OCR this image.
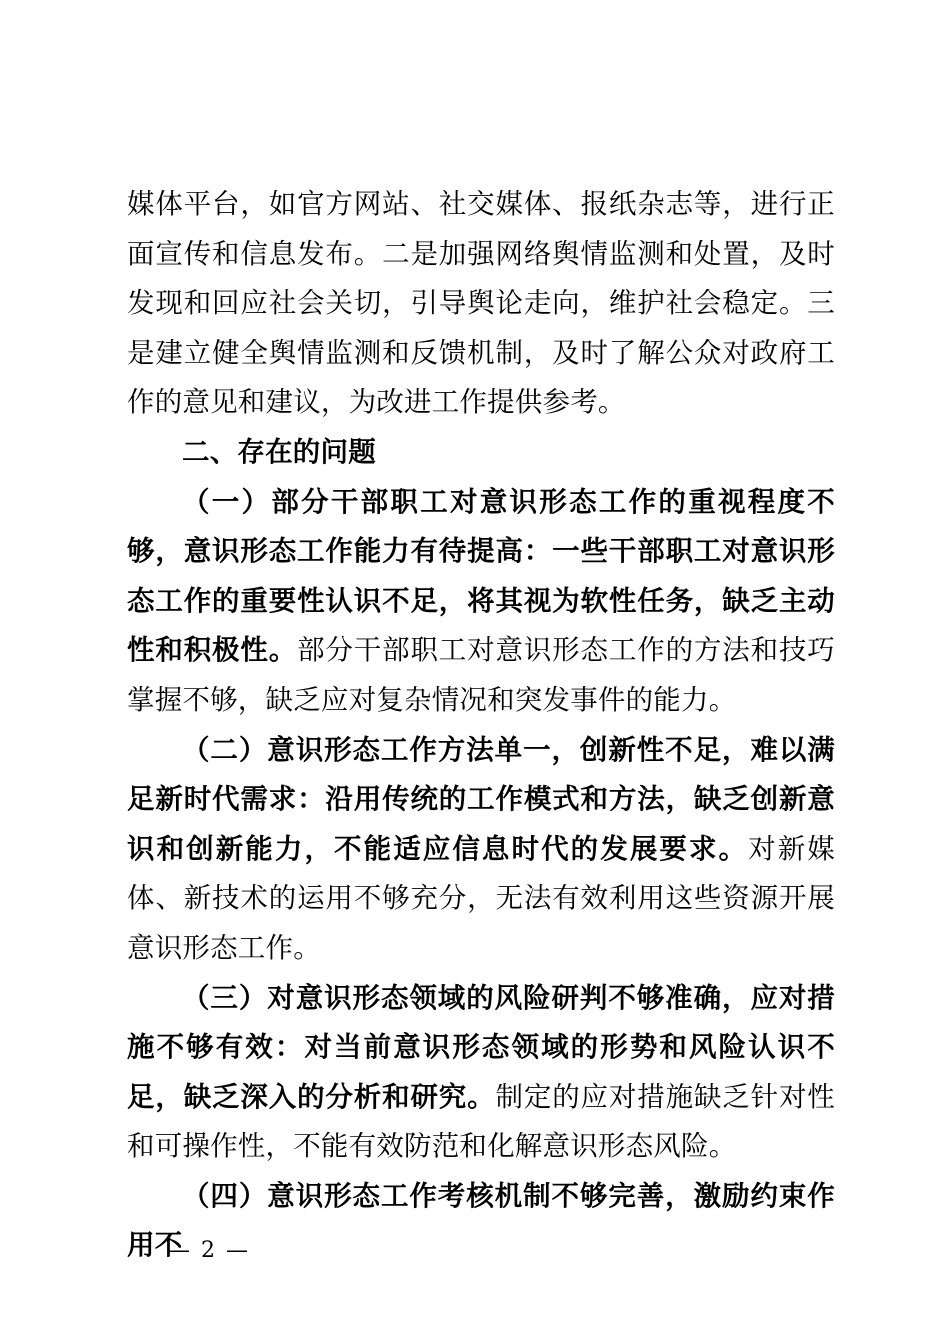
媒体平台，如官方网站、社交媒体、报纸杂志等，进行正面宣传和信息发布。二是加强网络舆情监测和处置，及时发现和回应社会关切，引导舆论走向，维护社会稳定。三是建立健全舆情监测和反馈机制，及时了解公众对政府工作的意见和建议，为改进工作提供参考。

二、存在的问题

（一）部分干部职工对意识形态工作的重视程度不够，意识形态工作能力有待提高：一些干部职工对意识形态工作的重要性认识不足，将其视为软性任务，缺乏主动性和积极性。部分干部职工对意识形态工作的方法和技巧掌握不够，缺乏应对复杂情况和突发事件的能力。

（二）意识形态工作方法单一，创新性不足，难以满足新时代需求：沿用传统的工作模式和方法，缺乏创新意识和创新能力，不能适应信息时代的发展要求。对新媒体、新技术的运用不够充分，无法有效利用这些资源开展意识形态工作。

（三）对意识形态领域的风险研判不够准确，应对措施不够有效：对当前意识形态领域的形势和风险认识不足，缺乏深入的分析和研究。制定的应对措施缺乏针对性和可操作性，不能有效防范和化解意识形态风险。

（四）意识形态工作考核机制不够完善，激励约束作用不

— 2 —
